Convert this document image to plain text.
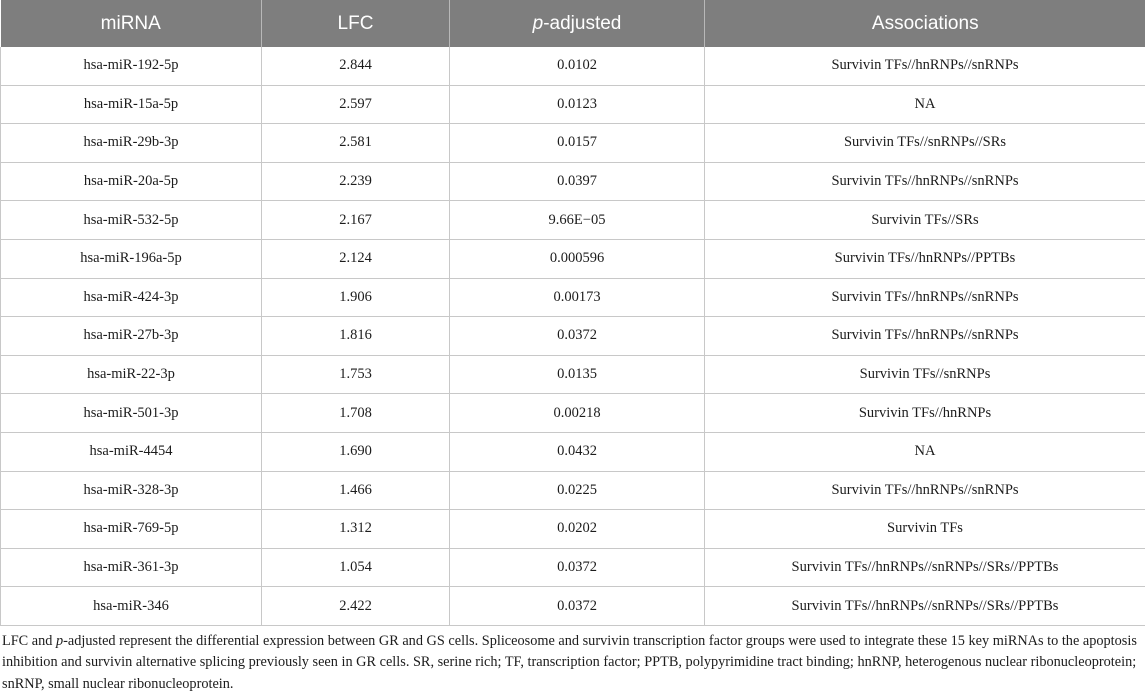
miRNA	LFC	p-adjusted	Associations
hsa-miR-192-5p	2.844	0.0102	Survivin TFs//hnRNPs//snRNPs
hsa-miR-15a-5p	2.597	0.0123	NA
hsa-miR-29b-3p	2.581	0.0157	Survivin TFs//snRNPs//SRs
hsa-miR-20a-5p	2.239	0.0397	Survivin TFs//hnRNPs//snRNPs
hsa-miR-532-5p	2.167	9.66E−05	Survivin TFs//SRs
hsa-miR-196a-5p	2.124	0.000596	Survivin TFs//hnRNPs//PPTBs
hsa-miR-424-3p	1.906	0.00173	Survivin TFs//hnRNPs//snRNPs
hsa-miR-27b-3p	1.816	0.0372	Survivin TFs//hnRNPs//snRNPs
hsa-miR-22-3p	1.753	0.0135	Survivin TFs//snRNPs
hsa-miR-501-3p	1.708	0.00218	Survivin TFs//hnRNPs
hsa-miR-4454	1.690	0.0432	NA
hsa-miR-328-3p	1.466	0.0225	Survivin TFs//hnRNPs//snRNPs
hsa-miR-769-5p	1.312	0.0202	Survivin TFs
hsa-miR-361-3p	1.054	0.0372	Survivin TFs//hnRNPs//snRNPs//SRs//PPTBs
hsa-miR-346	2.422	0.0372	Survivin TFs//hnRNPs//snRNPs//SRs//PPTBs

LFC and p-adjusted represent the differential expression between GR and GS cells. Spliceosome and survivin transcription factor groups were used to integrate these 15 key miRNAs to the apoptosis inhibition and survivin alternative splicing previously seen in GR cells. SR, serine rich; TF, transcription factor; PPTB, polypyrimidine tract binding; hnRNP, heterogenous nuclear ribonucleoprotein; snRNP, small nuclear ribonucleoprotein.
